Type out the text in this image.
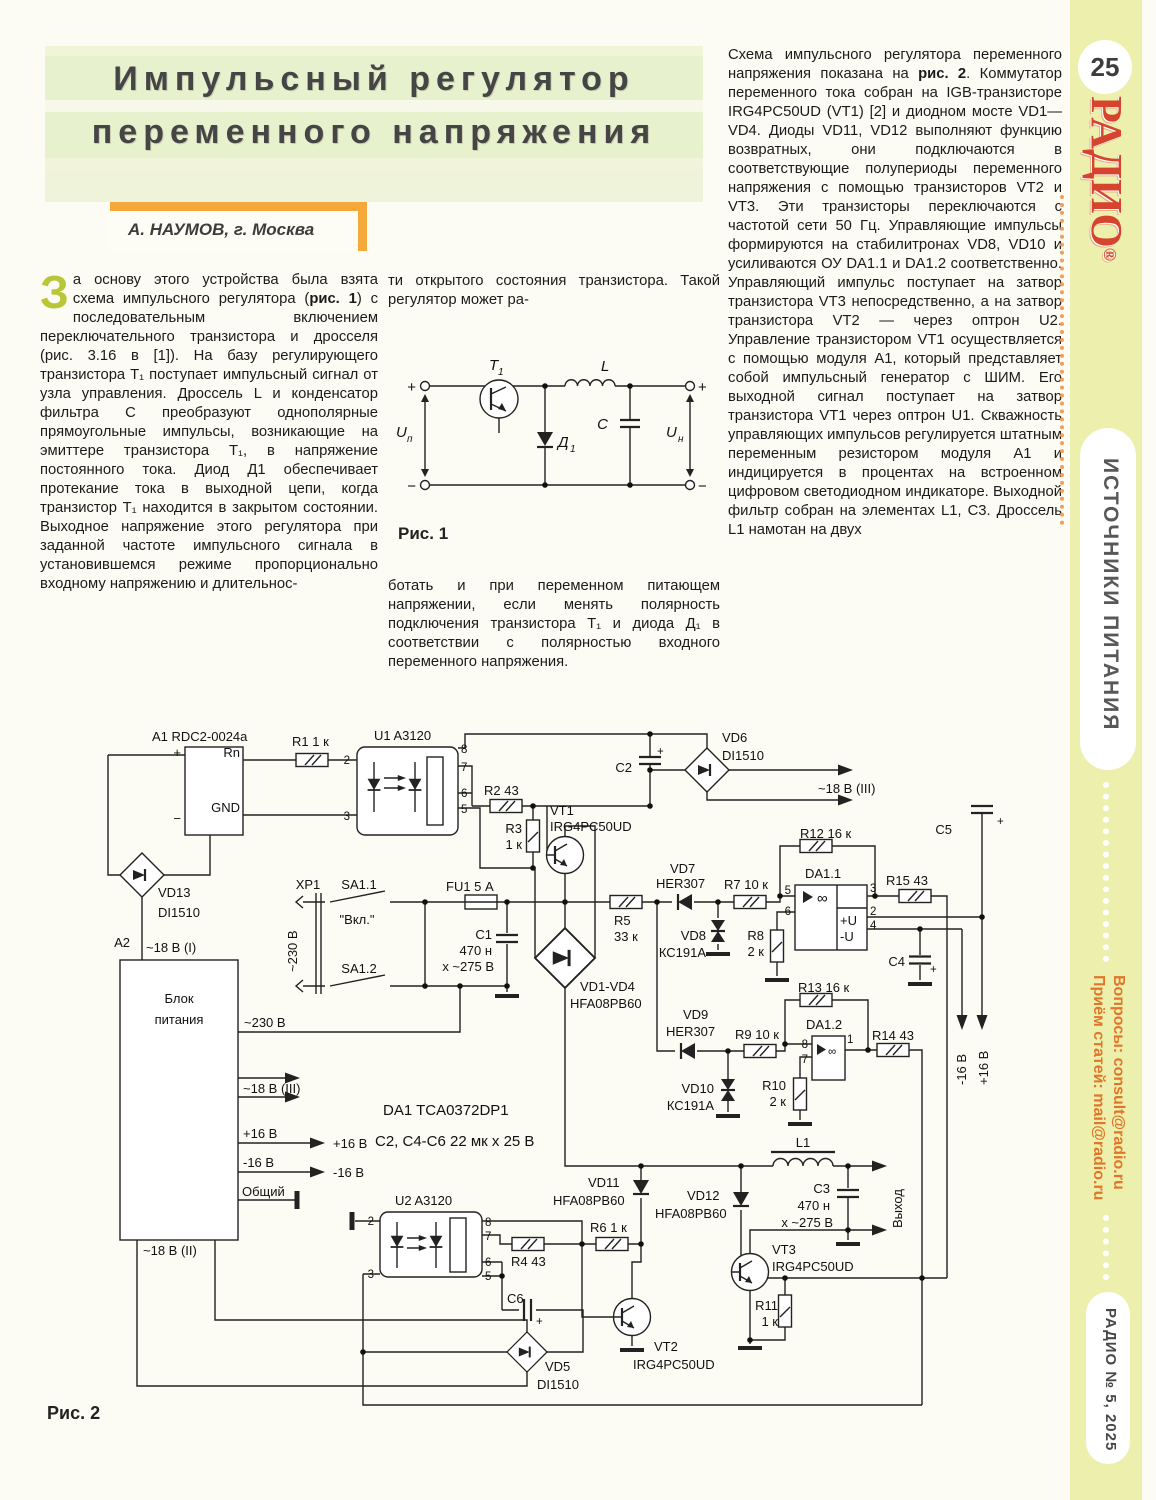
Импульсный регулятор
переменного напряжения
А. НАУМОВ, г. Москва
За основу этого устройства была взята схема импульсного регулятора (рис. 1) с последовательным включением переключательного транзистора и дросселя (рис. 3.16 в [1]). На базу регулирующего транзистора Т₁ поступает импульсный сигнал от узла управления. Дроссель L и конденсатор фильтра С преобразуют однополярные прямоугольные импульсы, возникающие на эмиттере транзистора Т₁, в напряжение постоянного тока. Диод Д1 обеспечивает протекание тока в выходной цепи, когда транзистор Т₁ находится в закрытом состоянии. Выходное напряжение этого регулятора при заданной частоте импульсного сигнала в установившемся режиме пропорционально входному напряжению и длительнос-
ти открытого состояния транзистора. Такой регулятор может ра-
ботать и при переменном питающем напряжении, если менять полярность подключения транзистора Т₁ и диода Д₁ в соответствии с полярностью входного переменного напряжения.
Схема импульсного регулятора переменного напряжения показана на рис. 2. Коммутатор переменного тока собран на IGB-транзисторе IRG4PC50UD (VT1) [2] и диодном мосте VD1—VD4. Диоды VD11, VD12 выполняют функцию возвратных, они подключаются в соответствующие полупериоды переменного напряжения с помощью транзисторов VT2 и VT3. Эти транзисторы переключаются с частотой сети 50 Гц. Управляющие импульсы формируются на стабилитронах VD8, VD10 и усиливаются ОУ DA1.1 и DA1.2 соответственно. Управляющий импульс поступает на затвор транзистора VT3 непосредственно, а на затвор транзистора VT2 — через оптрон U2. Управление транзистором VT1 осуществляется с помощью модуля А1, который представляет собой импульсный генератор с ШИМ. Его выходной сигнал поступает на затвор транзистора VT1 через оптрон U1. Скважность управляющих импульсов регулируется штатным переменным резистором модуля А1 и индицируется в процентах на встроенном цифровом светодиодном индикаторе. Выходной фильтр собран на элементах L1, С3. Дроссель L1 намотан на двух
T 1	L
Д 1
C
U п	U н
+
−
+
−
Рис. 1
∞
∞
A1 RDC2-0024a
+
−
Rn
GND
R1 1 к	U1 A3120
2
3
8
7
6
5
R2 43
R3
1 к
VT1
IRG4PC50UD
C2
+
VD6
DI1510
~18 В (III)
C5	+
R12 16 к
DA1.1
5
6
3
2
4
+U
-U
R15 43
VD7
HER307 R7 10 к
VD8
КС191А
R8
2 к
C4
+
R13 16 к
VD9
HER307 R9 10 к
DA1.2
8
7
1 R14 43
VD10
КС191А
R10
2 к
-16 В +16 В
VD13
DI1510
A2 ~18 В (I)
Блок
питания
XP1
~230 В
SA1.1
"Вкл."
SA1.2
FU1 5 А
C1
470 н
x ~275 В
VD1-VD4
HFA08PB60
R5
33 к
~230 В
~18 В (III)
+16 В
+16 В
-16 В
-16 В
Общий
~18 В (II)
DA1 TCA0372DP1
C2, C4-C6 22 мк x 25 В
U2 A3120
2
3
8
7
6
5
R4 43
R6 1 к
VD11
HFA08PB60	VD12
HFA08PB60
L1
C3
470 н
x ~275 В	Выход
VT3
IRG4PC50UD
R11
1 к
C6
+
VD5
DI1510
VT2
IRG4PC50UD
Рис. 2
25
РАДИО®
ИСТОЧНИКИ ПИТАНИЯ
Вопросы: consult@radio.ru
Приём статей: mail@radio.ru
РАДИО № 5, 2025
